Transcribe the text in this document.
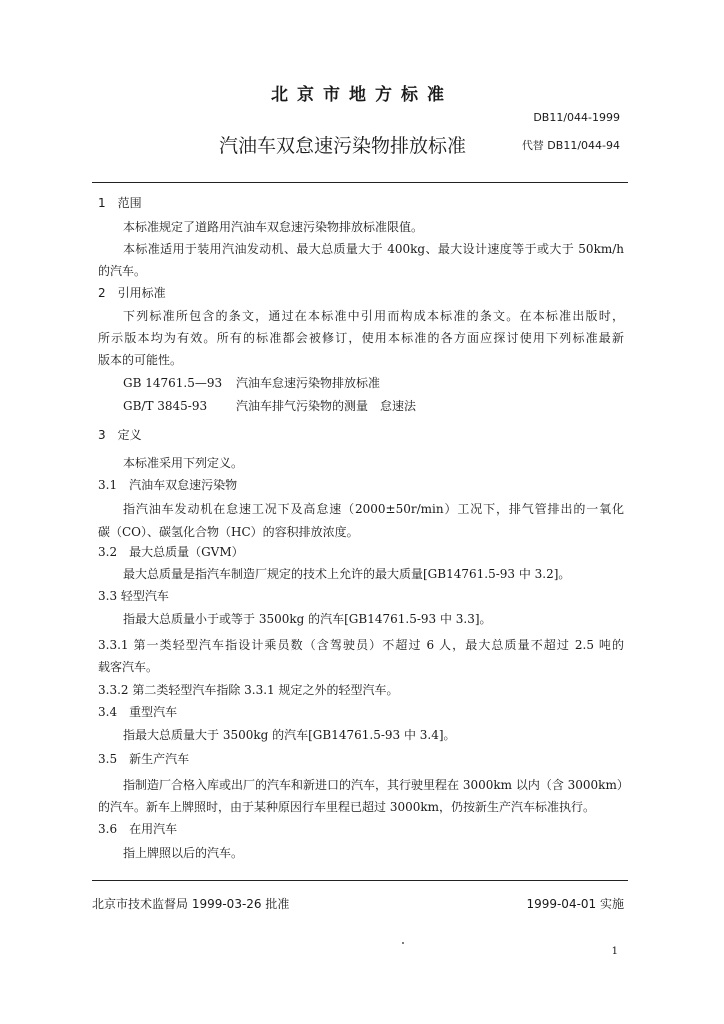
北京市地方标准
DB11/044-1999
汽油车双怠速污染物排放标准	代替 DB11/044-94
1　范围
本标准规定了道路用汽油车双怠速污染物排放标准限值。
本标准适用于装用汽油发动机、最大总质量大于 400kg、最大设计速度等于或大于 50km/h
的汽车。
2　引用标准
下列标准所包含的条文，通过在本标准中引用而构成本标准的条文。在本标准出版时，
所示版本均为有效。所有的标准都会被修订，使用本标准的各方面应探讨使用下列标准最新
版本的可能性。
GB 14761.5—93 汽油车怠速污染物排放标准
GB/T 3845-93 汽油车排气污染物的测量　怠速法
3　定义
本标准采用下列定义。
3.1　汽油车双怠速污染物
指汽油车发动机在怠速工况下及高怠速（2000±50r/min）工况下，排气管排出的一氧化
碳（CO）、碳氢化合物（HC）的容积排放浓度。
3.2　最大总质量（GVM）
最大总质量是指汽车制造厂规定的技术上允许的最大质量[GB14761.5-93 中 3.2]。
3.3 轻型汽车
指最大总质量小于或等于 3500kg 的汽车[GB14761.5-93 中 3.3]。
3.3.1 第一类轻型汽车指设计乘员数（含驾驶员）不超过 6 人，最大总质量不超过 2.5 吨的
载客汽车。
3.3.2 第二类轻型汽车指除 3.3.1 规定之外的轻型汽车。
3.4　重型汽车
指最大总质量大于 3500kg 的汽车[GB14761.5-93 中 3.4]。
3.5　新生产汽车
指制造厂合格入库或出厂的汽车和新进口的汽车，其行驶里程在 3000km 以内（含 3000km）
的汽车。新车上牌照时，由于某种原因行车里程已超过 3000km，仍按新生产汽车标准执行。
3.6　在用汽车
指上牌照以后的汽车。
北京市技术监督局 1999-03-26 批准	1999-04-01 实施
1
